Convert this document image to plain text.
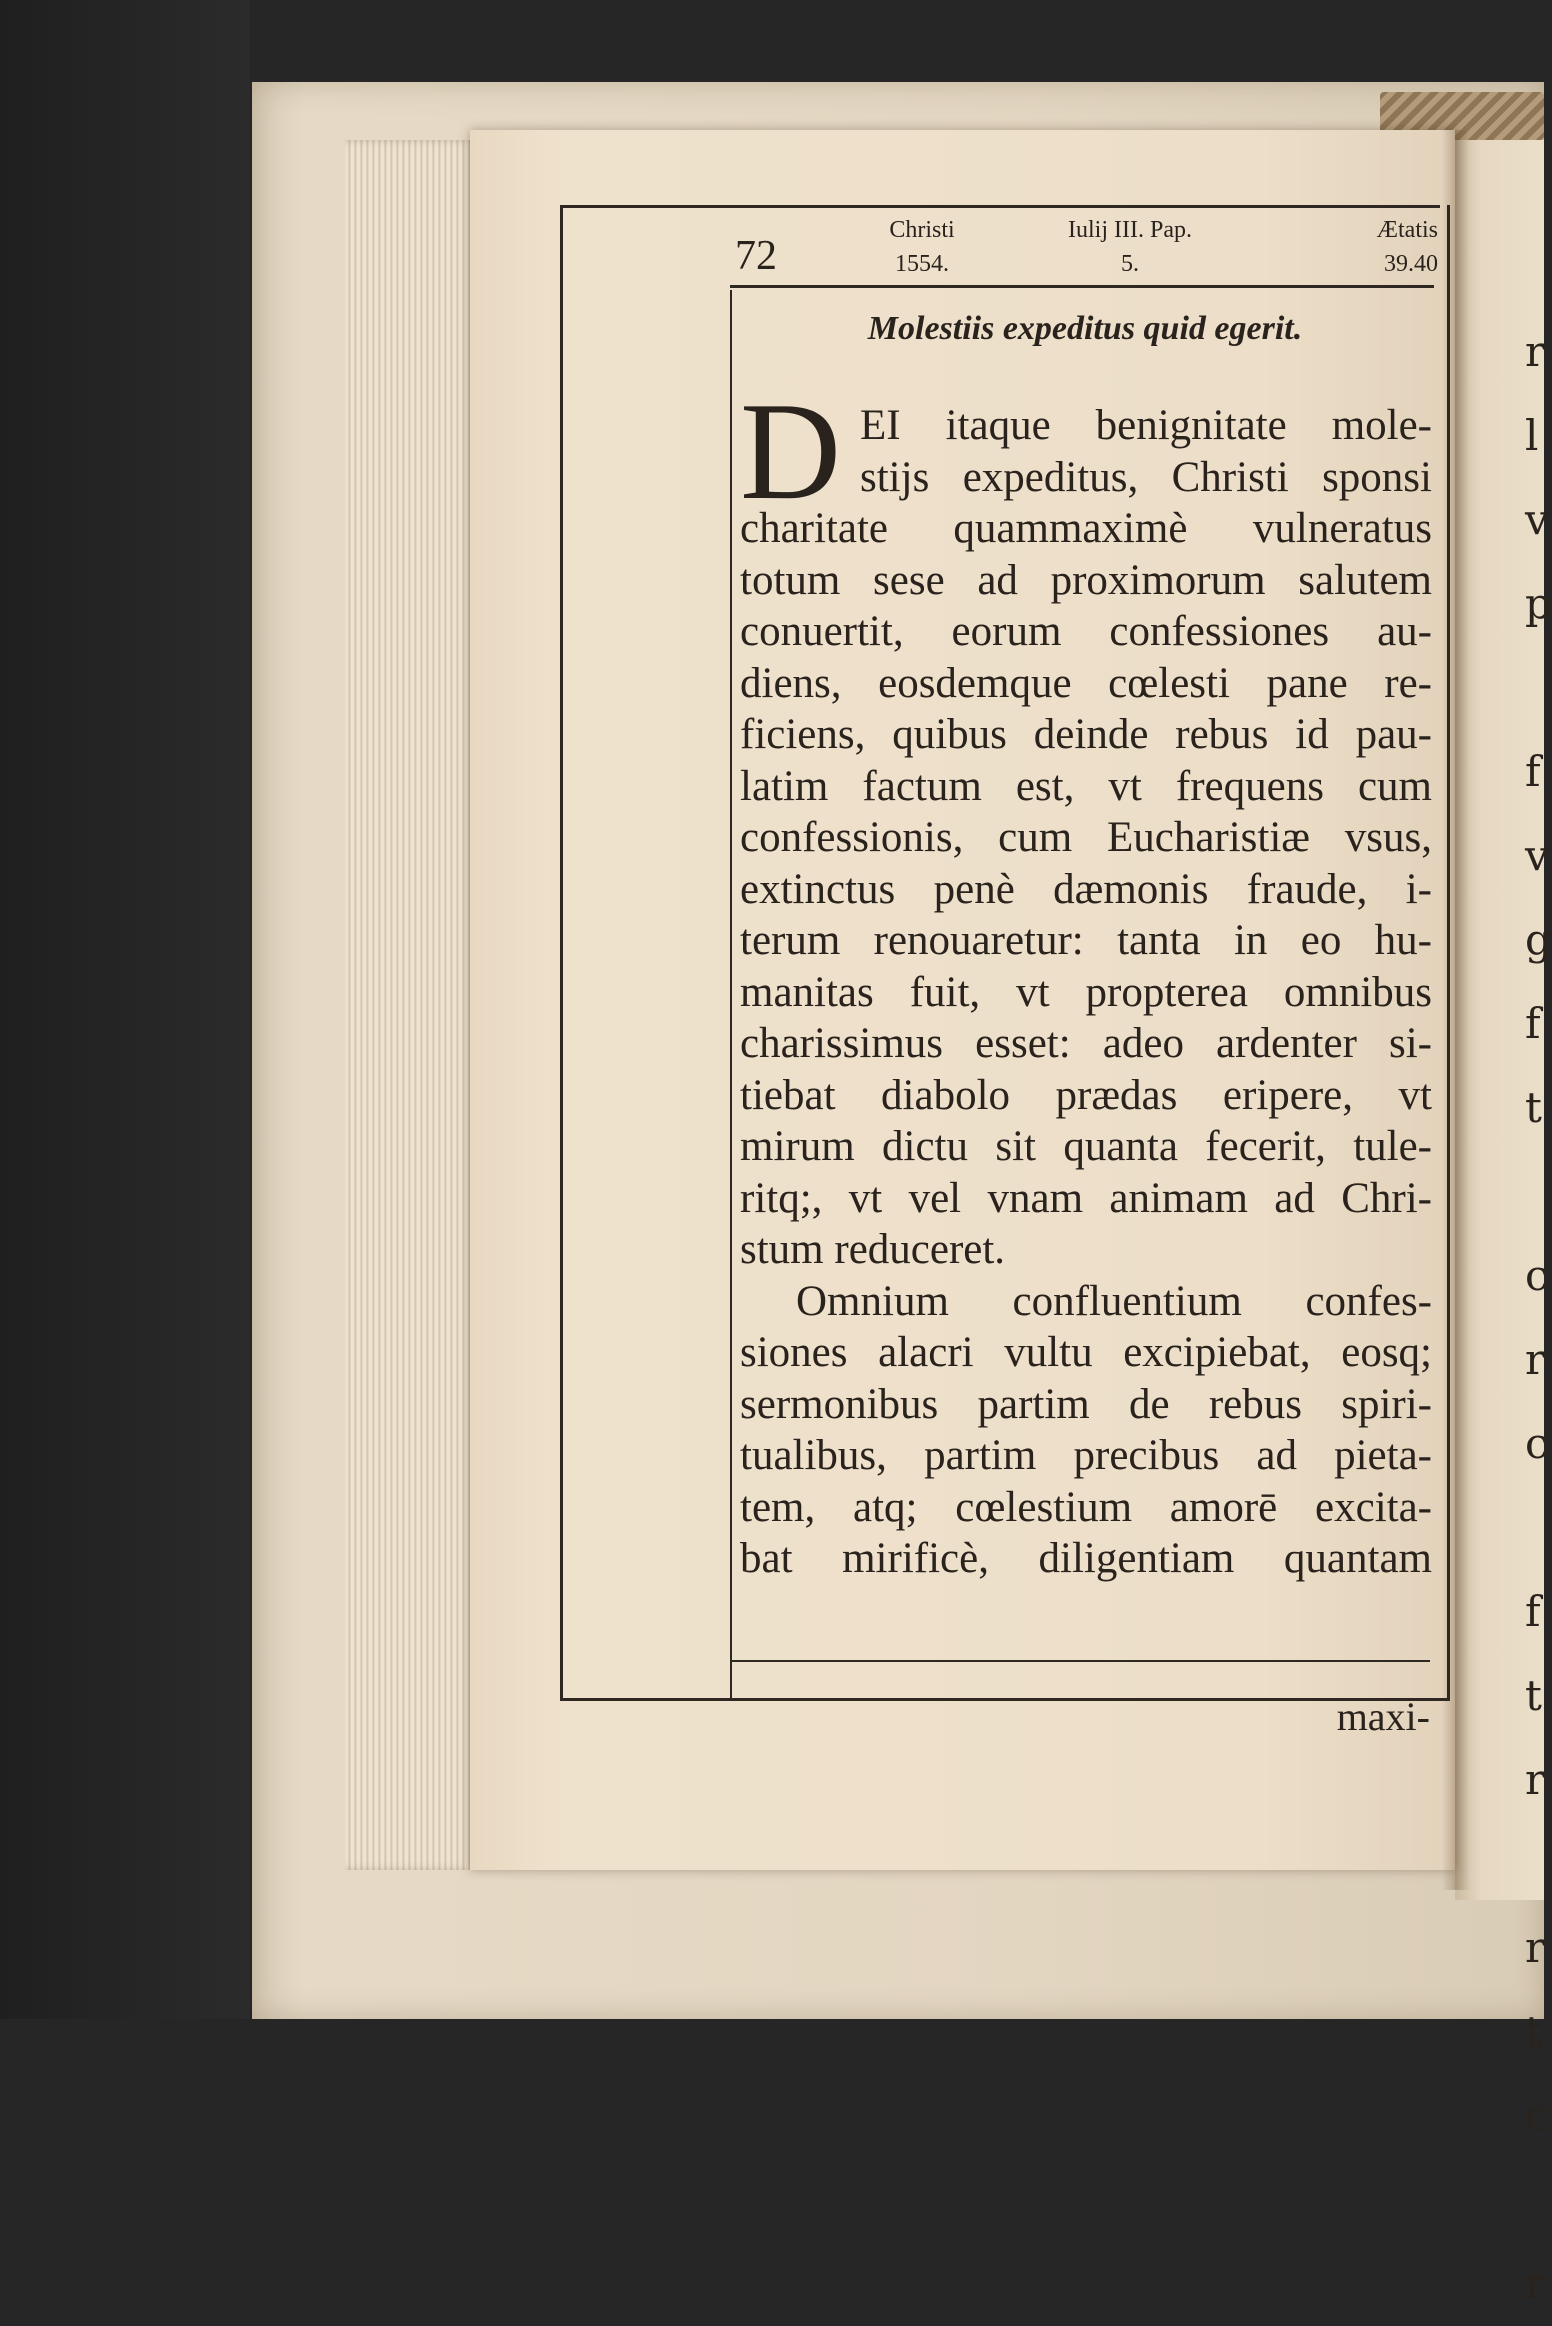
r
l
v
p

f
v
g
f
t

c
r
c

f
t
r

r
t
c

r
72
Christi
1554.
Iulij III. Pap.
5.
Ætatis
39.40
Molestiis expeditus quid egerit.
D EI itaque benignitate mole-
stijs expeditus, Christi sponsi
charitate quammaximè vulneratus
totum sese ad proximorum salutem
conuertit, eorum confessiones au-
diens, eosdemque cœlesti pane re-
ficiens, quibus deinde rebus id pau-
latim factum est, vt frequens cum
confessionis, cum Eucharistiæ vsus,
extinctus penè dæmonis fraude, i-
terum renouaretur: tanta in eo hu-
manitas fuit, vt propterea omnibus
charissimus esset: adeo ardenter si-
tiebat diabolo prædas eripere, vt
mirum dictu sit quanta fecerit, tule-
ritq;, vt vel vnam animam ad Chri-
stum reduceret.
Omnium confluentium confes-
siones alacri vultu excipiebat, eosq;
sermonibus partim de rebus spiri-
tualibus, partim precibus ad pieta-
tem, atq; cœlestium amorē excita-
bat mirificè, diligentiam quantam
maxi-
